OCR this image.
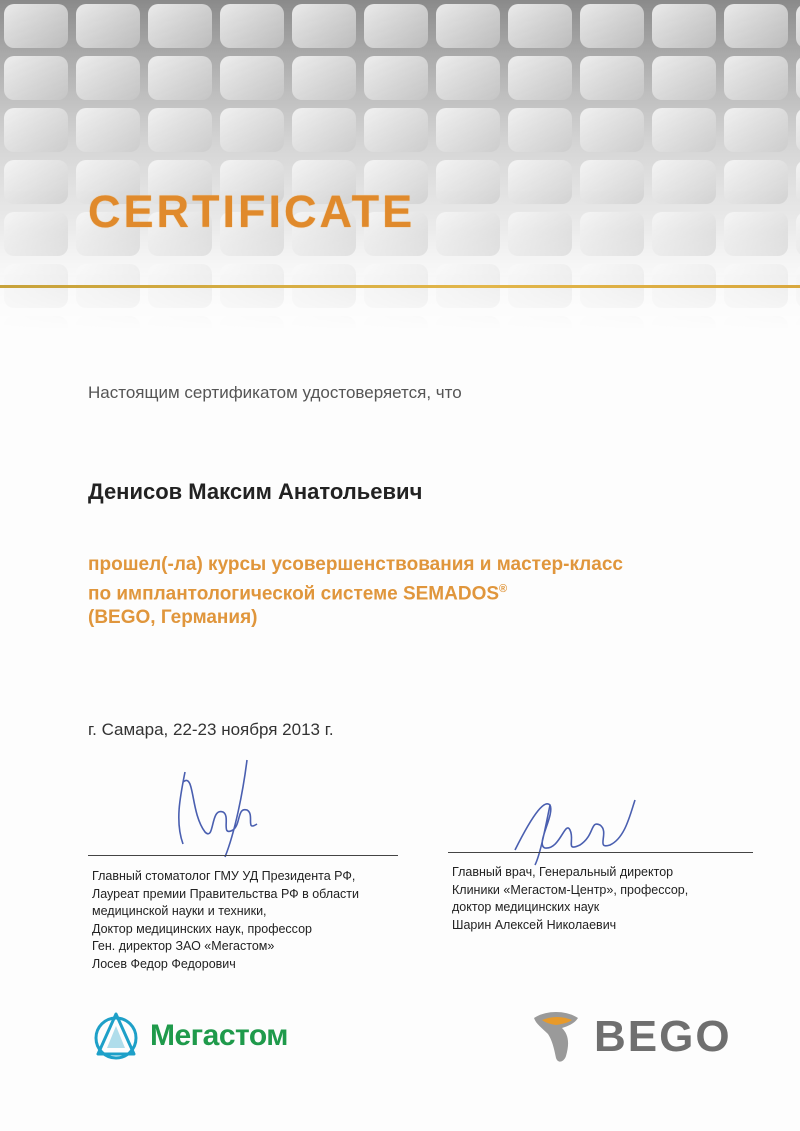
CERTIFICATE
Настоящим сертификатом удостоверяется, что
Денисов Максим Анатольевич
прошел(-ла) курсы усовершенствования и мастер-класс
по имплантологической системе SEMADOS®
(BEGO, Германия)
г. Самара, 22-23 ноября 2013 г.
Главный стоматолог ГМУ УД Президента РФ,
Лауреат премии Правительства РФ в области
медицинской науки и техники,
Доктор медицинских наук, профессор
Ген. директор ЗАО «Мегастом»
Лосев Федор Федорович
Главный врач, Генеральный директор
Клиники «Мегастом-Центр», профессор,
доктор медицинских наук
Шарин Алексей Николаевич
Мегастом	BEGO
